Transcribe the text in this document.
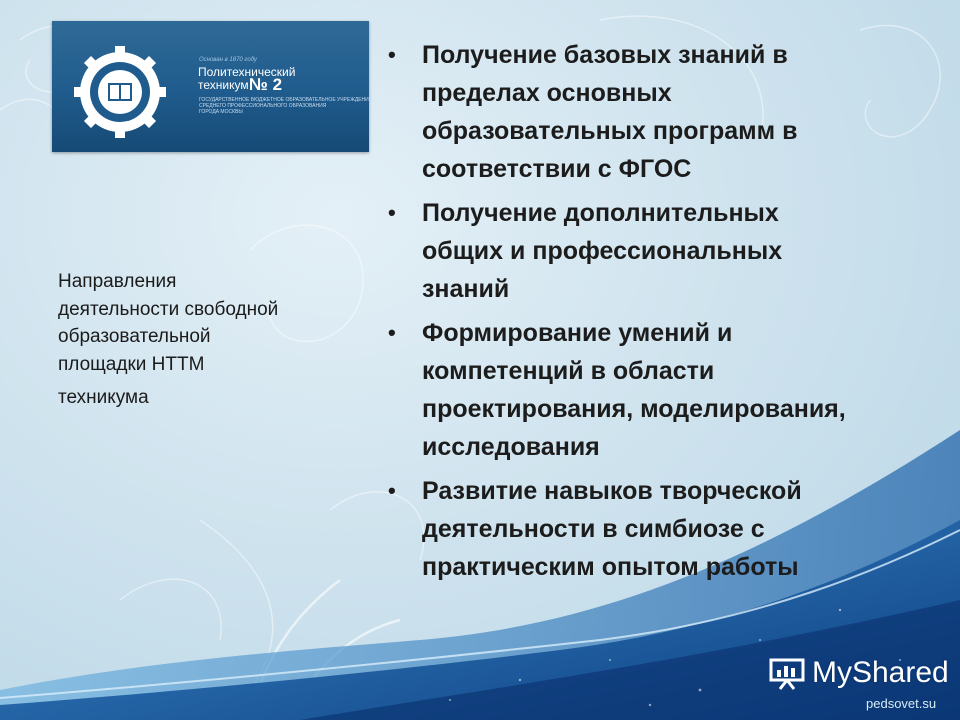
Основан в 1870 году
Политехнический
техникум № 2
ГОСУДАРСТВЕННОЕ БЮДЖЕТНОЕ ОБРАЗОВАТЕЛЬНОЕ УЧРЕЖДЕНИЕ
СРЕДНЕГО ПРОФЕССИОНАЛЬНОГО ОБРАЗОВАНИЯ
ГОРОДА МОСКВЫ
Направления
деятельности свободной
образовательной
площадки НТТМ
техникума
• Получение базовых знаний в
пределах основных
образовательных программ в
соответствии с ФГОС
• Получение дополнительных
общих и профессиональных
знаний
• Формирование умений и
компетенций в области
проектирования, моделирования,
исследования
• Развитие навыков творческой
деятельности в симбиозе с
практическим опытом работы
MyShared
pedsovet.su
